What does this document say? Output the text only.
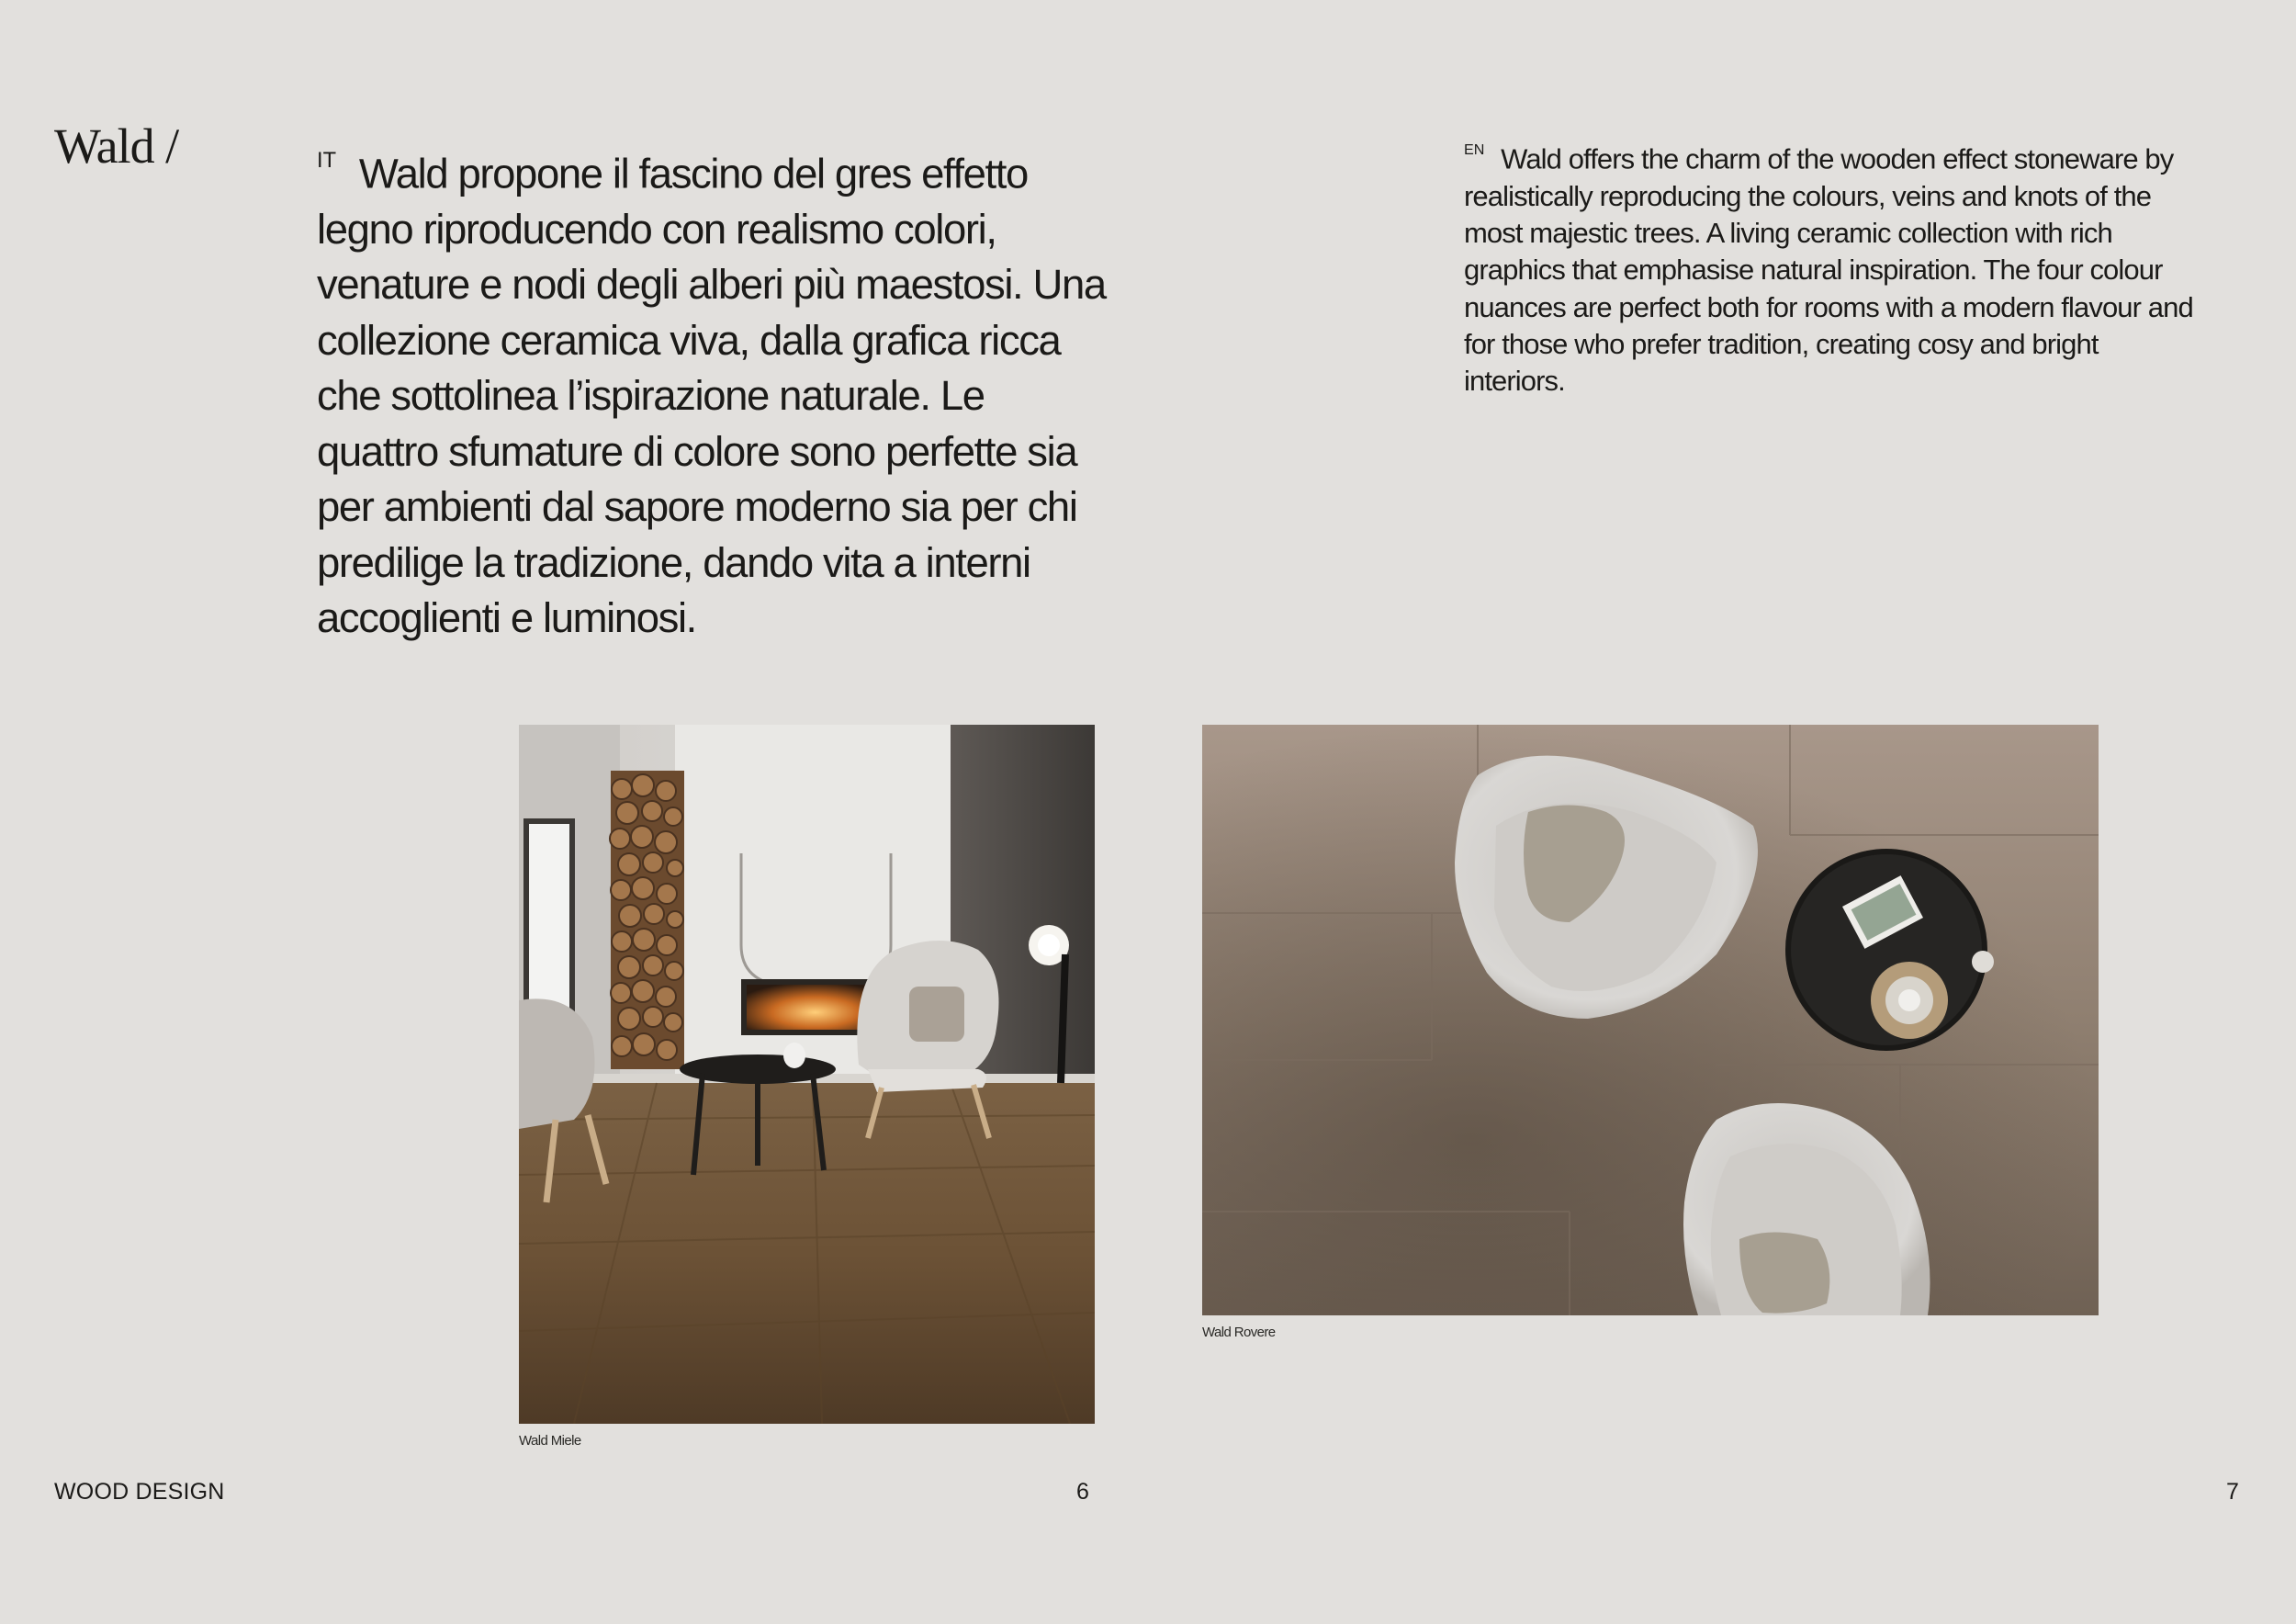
Wald /	IT Wald propone il fascino del gres effetto legno riproducendo con realismo colori, venature e nodi degli alberi più maestosi. Una collezione ceramica viva, dalla grafica ricca che sottolinea l’ispirazione naturale. Le quattro sfumature di colore sono perfette sia per ambienti dal sapore moderno sia per chi predilige la tradizione, dando vita a interni accoglienti e luminosi.

EN Wald offers the charm of the wooden effect stoneware by realistically reproducing the colours, veins and knots of the most majestic trees. A living ceramic collection with rich graphics that emphasise natural inspiration. The four colour nuances are perfect both for rooms with a modern flavour and for those who prefer tradition, creating cosy and bright interiors.

Wald Miele
Wald Rovere
WOOD DESIGN	6	7
